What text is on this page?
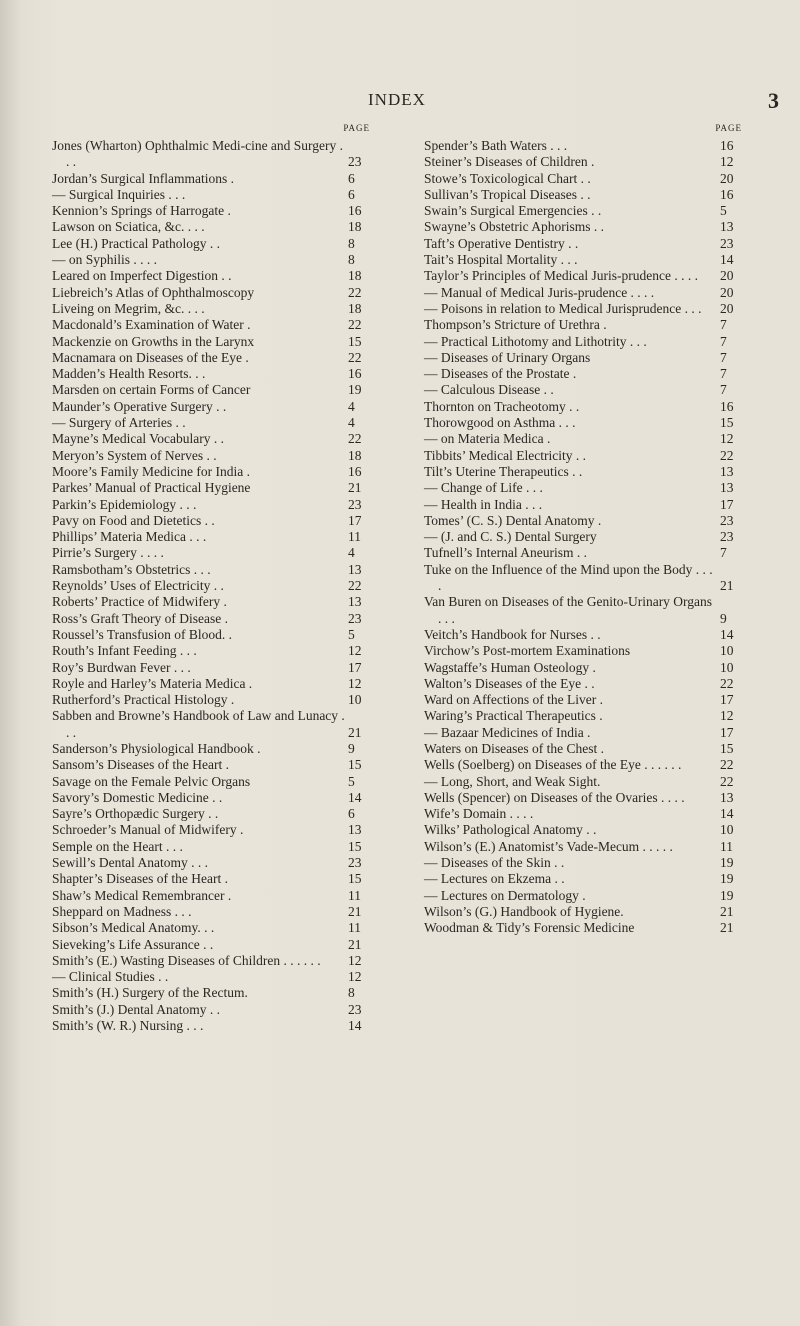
INDEX	3
PAGE
Jones (Wharton) Ophthalmic Medi-cine and Surgery . . .	23
Jordan’s Surgical Inflammations .	6
— Surgical Inquiries . . .	6
Kennion’s Springs of Harrogate .	16
Lawson on Sciatica, &c. . . .	18
Lee (H.) Practical Pathology . .	8
— on Syphilis . . . .	8
Leared on Imperfect Digestion . .	18
Liebreich’s Atlas of Ophthalmoscopy	22
Liveing on Megrim, &c. . . .	18
Macdonald’s Examination of Water .	22
Mackenzie on Growths in the Larynx	15
Macnamara on Diseases of the Eye .	22
Madden’s Health Resorts. . .	16
Marsden on certain Forms of Cancer	19
Maunder’s Operative Surgery . .	4
— Surgery of Arteries . .	4
Mayne’s Medical Vocabulary . .	22
Meryon’s System of Nerves . .	18
Moore’s Family Medicine for India .	16
Parkes’ Manual of Practical Hygiene	21
Parkin’s Epidemiology . . .	23
Pavy on Food and Dietetics . .	17
Phillips’ Materia Medica . . .	11
Pirrie’s Surgery . . . .	4
Ramsbotham’s Obstetrics . . .	13
Reynolds’ Uses of Electricity . .	22
Roberts’ Practice of Midwifery .	13
Ross’s Graft Theory of Disease .	23
Roussel’s Transfusion of Blood. .	5
Routh’s Infant Feeding . . .	12
Roy’s Burdwan Fever . . .	17
Royle and Harley’s Materia Medica .	12
Rutherford’s Practical Histology .	10
Sabben and Browne’s Handbook of Law and Lunacy . . .	21
Sanderson’s Physiological Handbook .	9
Sansom’s Diseases of the Heart .	15
Savage on the Female Pelvic Organs	5
Savory’s Domestic Medicine . .	14
Sayre’s Orthopædic Surgery . .	6
Schroeder’s Manual of Midwifery .	13
Semple on the Heart . . .	15
Sewill’s Dental Anatomy . . .	23
Shapter’s Diseases of the Heart .	15
Shaw’s Medical Remembrancer .	11
Sheppard on Madness . . .	21
Sibson’s Medical Anatomy. . .	11
Sieveking’s Life Assurance . .	21
Smith’s (E.) Wasting Diseases of Children . . . . . . 12
— Clinical Studies . .	12
Smith’s (H.) Surgery of the Rectum.	8
Smith’s (J.) Dental Anatomy . .	23
Smith’s (W. R.) Nursing . . .	14
PAGE
Spender’s Bath Waters . . .	16
Steiner’s Diseases of Children .	12
Stowe’s Toxicological Chart . .	20
Sullivan’s Tropical Diseases . .	16
Swain’s Surgical Emergencies . .	5
Swayne’s Obstetric Aphorisms . .	13
Taft’s Operative Dentistry . .	23
Tait’s Hospital Mortality . . .	14
Taylor’s Principles of Medical Juris-prudence . . . . 20
— Manual of Medical Juris-prudence . . . .	20
— Poisons in relation to Medical Jurisprudence . . . 20
Thompson’s Stricture of Urethra .	7
— Practical Lithotomy and Lithotrity . . .	7
— Diseases of Urinary Organs	7
— Diseases of the Prostate .	7
— Calculous Disease . .	7
Thornton on Tracheotomy . .	16
Thorowgood on Asthma . . .	15
— on Materia Medica .	12
Tibbits’ Medical Electricity . .	22
Tilt’s Uterine Therapeutics . .	13
— Change of Life . . .	13
— Health in India . . .	17
Tomes’ (C. S.) Dental Anatomy .	23
— (J. and C. S.) Dental Surgery	23
Tufnell’s Internal Aneurism . .	7
Tuke on the Influence of the Mind upon the Body . . . .	21
Van Buren on Diseases of the Genito-Urinary Organs . . .	9
Veitch’s Handbook for Nurses . .	14
Virchow’s Post-mortem Examinations	10
Wagstaffe’s Human Osteology .	10
Walton’s Diseases of the Eye . .	22
Ward on Affections of the Liver .	17
Waring’s Practical Therapeutics .	12
— Bazaar Medicines of India .	17
Waters on Diseases of the Chest .	15
Wells (Soelberg) on Diseases of the Eye . . . . . .	22
— Long, Short, and Weak Sight.	22
Wells (Spencer) on Diseases of the Ovaries . . . .	13
Wife’s Domain . . . .	14
Wilks’ Pathological Anatomy . .	10
Wilson’s (E.) Anatomist’s Vade-Mecum . . . . .	11
— Diseases of the Skin . .	19
— Lectures on Ekzema . .	19
— Lectures on Dermatology .	19
Wilson’s (G.) Handbook of Hygiene.	21
Woodman & Tidy’s Forensic Medicine	21
